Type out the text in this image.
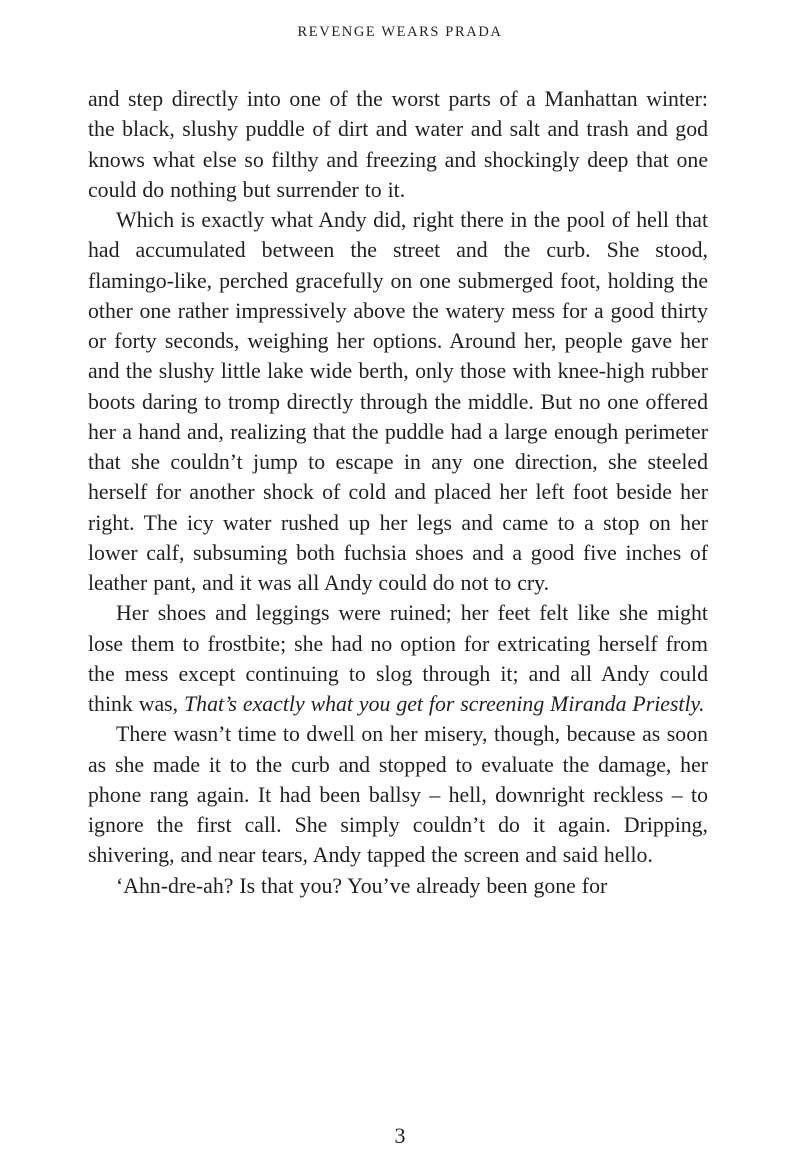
REVENGE WEARS PRADA

and step directly into one of the worst parts of a Manhattan winter: the black, slushy puddle of dirt and water and salt and trash and god knows what else so filthy and freezing and shockingly deep that one could do nothing but surrender to it.

Which is exactly what Andy did, right there in the pool of hell that had accumulated between the street and the curb. She stood, flamingo-like, perched gracefully on one submerged foot, holding the other one rather impressively above the watery mess for a good thirty or forty seconds, weighing her options. Around her, people gave her and the slushy little lake wide berth, only those with knee-high rubber boots daring to tromp directly through the middle. But no one offered her a hand and, realizing that the puddle had a large enough perimeter that she couldn’t jump to escape in any one direction, she steeled herself for another shock of cold and placed her left foot beside her right. The icy water rushed up her legs and came to a stop on her lower calf, subsuming both fuchsia shoes and a good five inches of leather pant, and it was all Andy could do not to cry.

Her shoes and leggings were ruined; her feet felt like she might lose them to frostbite; she had no option for extricating herself from the mess except continuing to slog through it; and all Andy could think was, That’s exactly what you get for screening Miranda Priestly.

There wasn’t time to dwell on her misery, though, because as soon as she made it to the curb and stopped to evaluate the damage, her phone rang again. It had been ballsy – hell, downright reckless – to ignore the first call. She simply couldn’t do it again. Dripping, shivering, and near tears, Andy tapped the screen and said hello.

‘Ahn-dre-ah? Is that you? You’ve already been gone for

3
